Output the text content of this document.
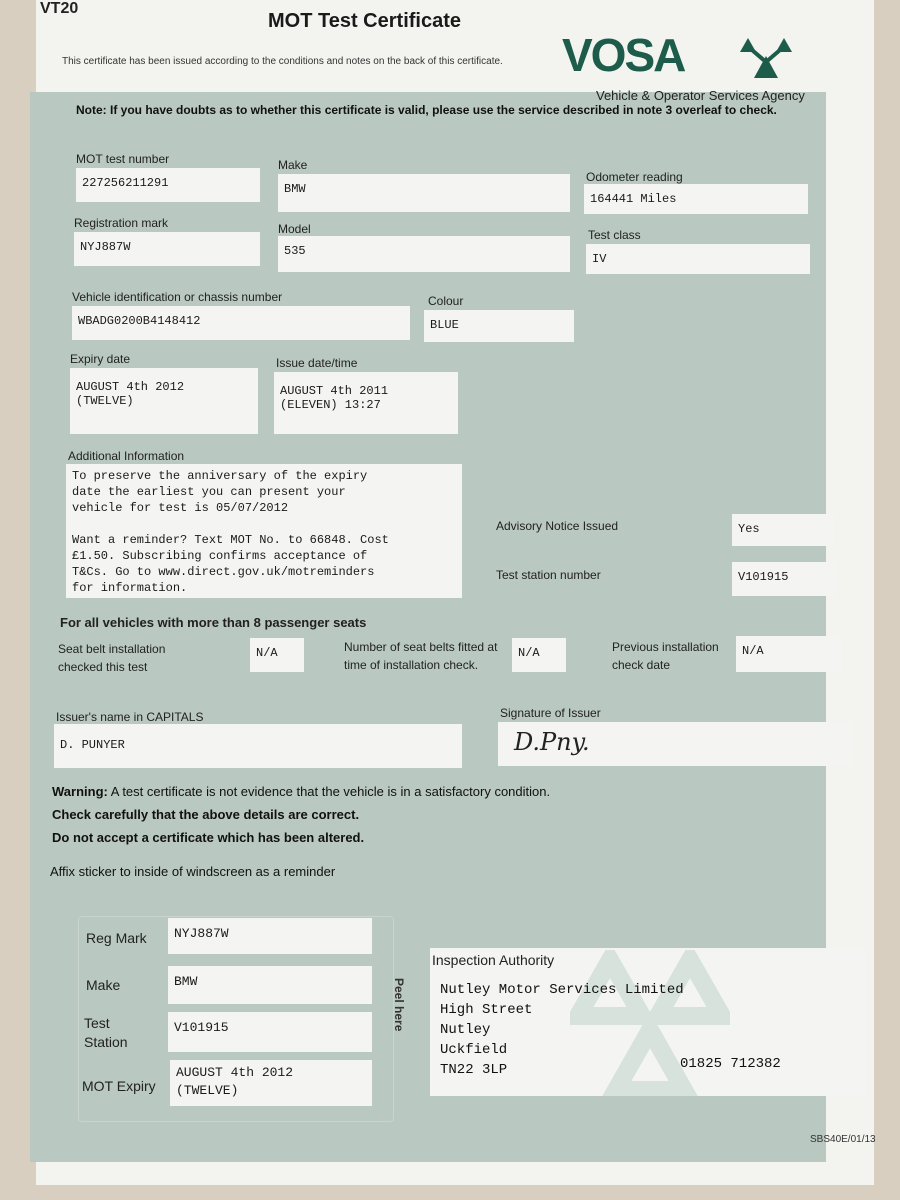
VT20
MOT Test Certificate
This certificate has been issued according to the conditions and notes on the back of this certificate. VOSA
Vehicle & Operator Services Agency
Note: If you have doubts as to whether this certificate is valid, please use the service described in note 3 overleaf to check.
MOT test number
227256211291
Make
BMW
Odometer reading
164441 Miles
Registration mark
NYJ887W
Model
535
Test class
IV
Vehicle identification or chassis number
WBADG0200B4148412
Colour
BLUE
Expiry date
AUGUST 4th 2012
(TWELVE)
Issue date/time
AUGUST 4th 2011
(ELEVEN) 13:27
Additional Information
To preserve the anniversary of the expiry
date the earliest you can present your
vehicle for test is 05/07/2012

Want a reminder? Text MOT No. to 66848. Cost
£1.50. Subscribing confirms acceptance of
T&Cs. Go to www.direct.gov.uk/motreminders
for information.
Advisory Notice Issued	Yes
Test station number	V101915
For all vehicles with more than 8 passenger seats
Seat belt installation
checked this test
N/A	Number of seat belts fitted at
time of installation check.
N/A	Previous installation
check date
N/A
Issuer's name in CAPITALS
D. PUNYER
Signature of Issuer
D.Pny.
Warning: A test certificate is not evidence that the vehicle is in a satisfactory condition.
Check carefully that the above details are correct.
Do not accept a certificate which has been altered.
Affix sticker to inside of windscreen as a reminder
Reg Mark	NYJ887W
Make	BMW
Test
Station
V101915
MOT Expiry
AUGUST 4th 2012
(TWELVE)
Peel here
Inspection Authority
Nutley Motor Services Limited
High Street
Nutley
Uckfield
TN22 3LP	01825 712382
SBS40E/01/13
